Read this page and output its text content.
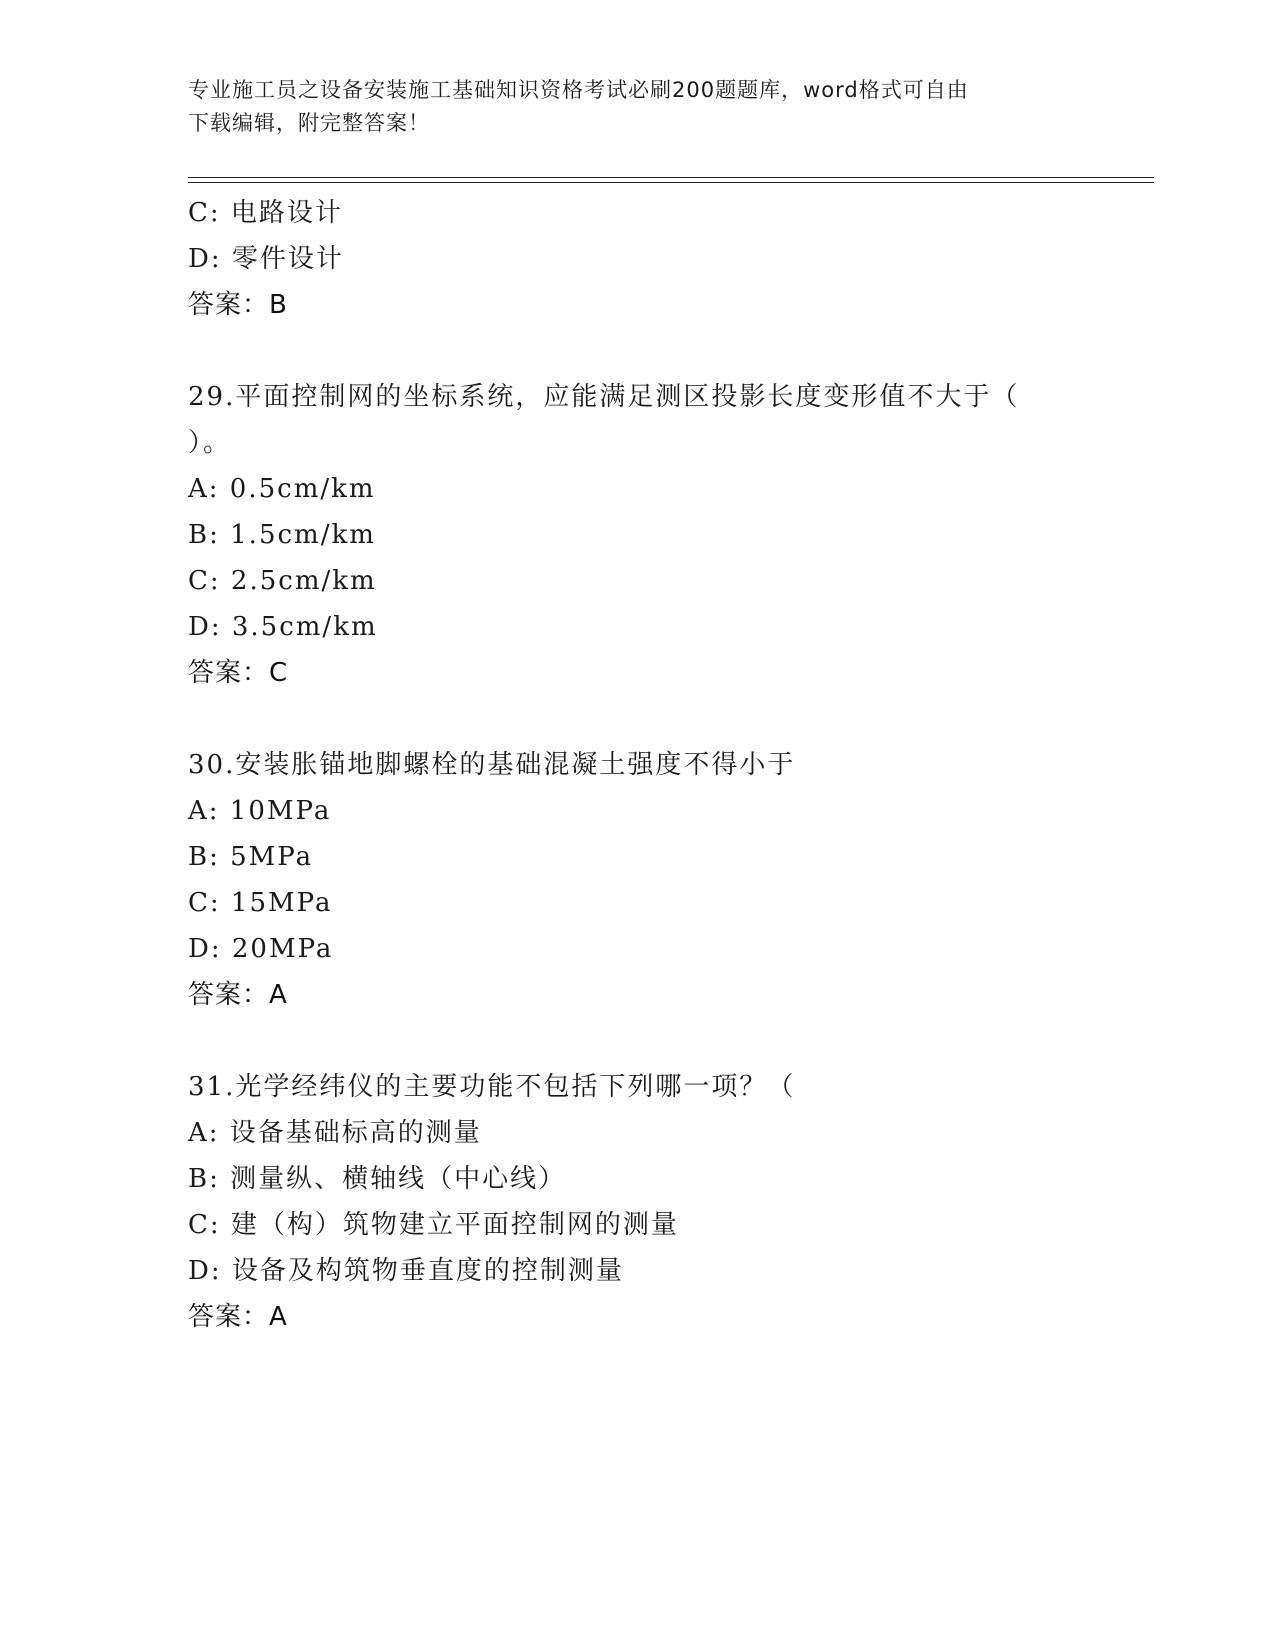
专业施工员之设备安装施工基础知识资格考试必刷200题题库，word格式可自由
下载编辑，附完整答案！
C: 电路设计
D: 零件设计
答案：B
29.平面控制网的坐标系统，应能满足测区投影长度变形值不大于（
）。
A: 0.5cm/km
B: 1.5cm/km
C: 2.5cm/km
D: 3.5cm/km
答案：C
30.安装胀锚地脚螺栓的基础混凝土强度不得小于
A: 10MPa
B: 5MPa
C: 15MPa
D: 20MPa
答案：A
31.光学经纬仪的主要功能不包括下列哪一项？（
A: 设备基础标高的测量
B: 测量纵、横轴线（中心线）
C: 建（构）筑物建立平面控制网的测量
D: 设备及构筑物垂直度的控制测量
答案：A
